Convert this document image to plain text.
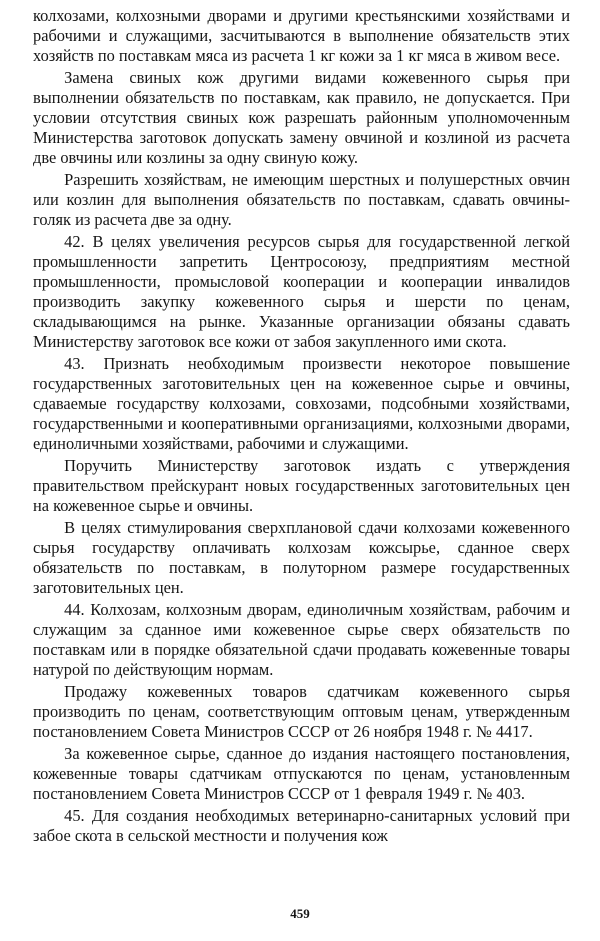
колхозами, колхозными дворами и другими крестьянскими хозяйствами и рабочими и служащими, засчитываются в выполнение обязательств этих хозяйств по поставкам мяса из расчета 1 кг кожи за 1 кг мяса в живом весе.

Замена свиных кож другими видами кожевенного сырья при выполнении обязательств по поставкам, как правило, не допускается. При условии отсутствия свиных кож разрешать районным уполномоченным Министерства заготовок допускать замену овчиной и козлиной из расчета две овчины или козлины за одну свиную кожу.

Разрешить хозяйствам, не имеющим шерстных и полушерстных овчин или козлин для выполнения обязательств по поставкам, сдавать овчины-голяк из расчета две за одну.

42. В целях увеличения ресурсов сырья для государственной легкой промышленности запретить Центросоюзу, предприятиям местной промышленности, промысловой кооперации и кооперации инвалидов производить закупку кожевенного сырья и шерсти по ценам, складывающимся на рынке. Указанные организации обязаны сдавать Министерству заготовок все кожи от забоя закупленного ими скота.

43. Признать необходимым произвести некоторое повышение государственных заготовительных цен на кожевенное сырье и овчины, сдаваемые государству колхозами, совхозами, подсобными хозяйствами, государственными и кооперативными организациями, колхозными дворами, единоличными хозяйствами, рабочими и служащими.

Поручить Министерству заготовок издать с утверждения правительством прейскурант новых государственных заготовительных цен на кожевенное сырье и овчины.

В целях стимулирования сверхплановой сдачи колхозами кожевенного сырья государству оплачивать колхозам кожсырье, сданное сверх обязательств по поставкам, в полуторном размере государственных заготовительных цен.

44. Колхозам, колхозным дворам, единоличным хозяйствам, рабочим и служащим за сданное ими кожевенное сырье сверх обязательств по поставкам или в порядке обязательной сдачи продавать кожевенные товары натурой по действующим нормам.

Продажу кожевенных товаров сдатчикам кожевенного сырья производить по ценам, соответствующим оптовым ценам, утвержденным постановлением Совета Министров СССР от 26 ноября 1948 г. № 4417.

За кожевенное сырье, сданное до издания настоящего постановления, кожевенные товары сдатчикам отпускаются по ценам, установленным постановлением Совета Министров СССР от 1 февраля 1949 г. № 403.

45. Для создания необходимых ветеринарно-санитарных условий при забое скота в сельской местности и получения кож

459
